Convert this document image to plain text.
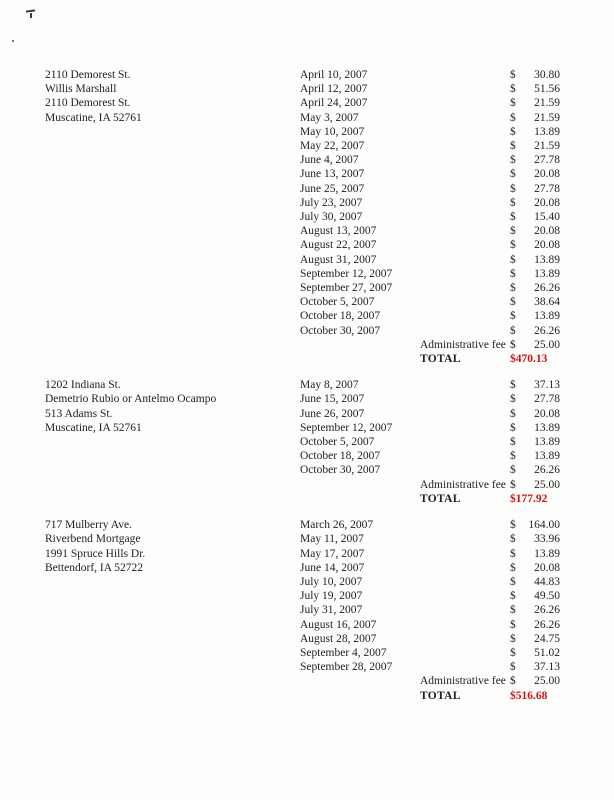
2110 Demorest St.
Willis Marshall
2110 Demorest St.
Muscatine, IA 52761
April 10, 2007	$ 30.80
April 12, 2007	$ 51.56
April 24, 2007	$ 21.59
May 3, 2007	$ 21.59
May 10, 2007	$ 13.89
May 22, 2007	$ 21.59
June 4, 2007	$ 27.78
June 13, 2007	$ 20.08
June 25, 2007	$ 27.78
July 23, 2007	$ 20.08
July 30, 2007	$ 15.40
August 13, 2007	$ 20.08
August 22, 2007	$ 20.08
August 31, 2007	$ 13.89
September 12, 2007	$ 13.89
September 27, 2007	$ 26.26
October 5, 2007	$ 38.64
October 18, 2007	$ 13.89
October 30, 2007	$ 26.26
Administrative fee $ 25.00
TOTAL	$470.13
1202 Indiana St.
Demetrio Rubio or Antelmo Ocampo
513 Adams St.
Muscatine, IA 52761
May 8, 2007	$ 37.13
June 15, 2007	$ 27.78
June 26, 2007	$ 20.08
September 12, 2007	$ 13.89
October 5, 2007	$ 13.89
October 18, 2007	$ 13.89
October 30, 2007	$ 26.26
Administrative fee $ 25.00
TOTAL	$177.92
717 Mulberry Ave.
Riverbend Mortgage
1991 Spruce Hills Dr.
Bettendorf, IA 52722
March 26, 2007	$ 164.00
May 11, 2007	$ 33.96
May 17, 2007	$ 13.89
June 14, 2007	$ 20.08
July 10, 2007	$ 44.83
July 19, 2007	$ 49.50
July 31, 2007	$ 26.26
August 16, 2007	$ 26.26
August 28, 2007	$ 24.75
September 4, 2007	$ 51.02
September 28, 2007	$ 37.13
Administrative fee $ 25.00
TOTAL	$516.68
